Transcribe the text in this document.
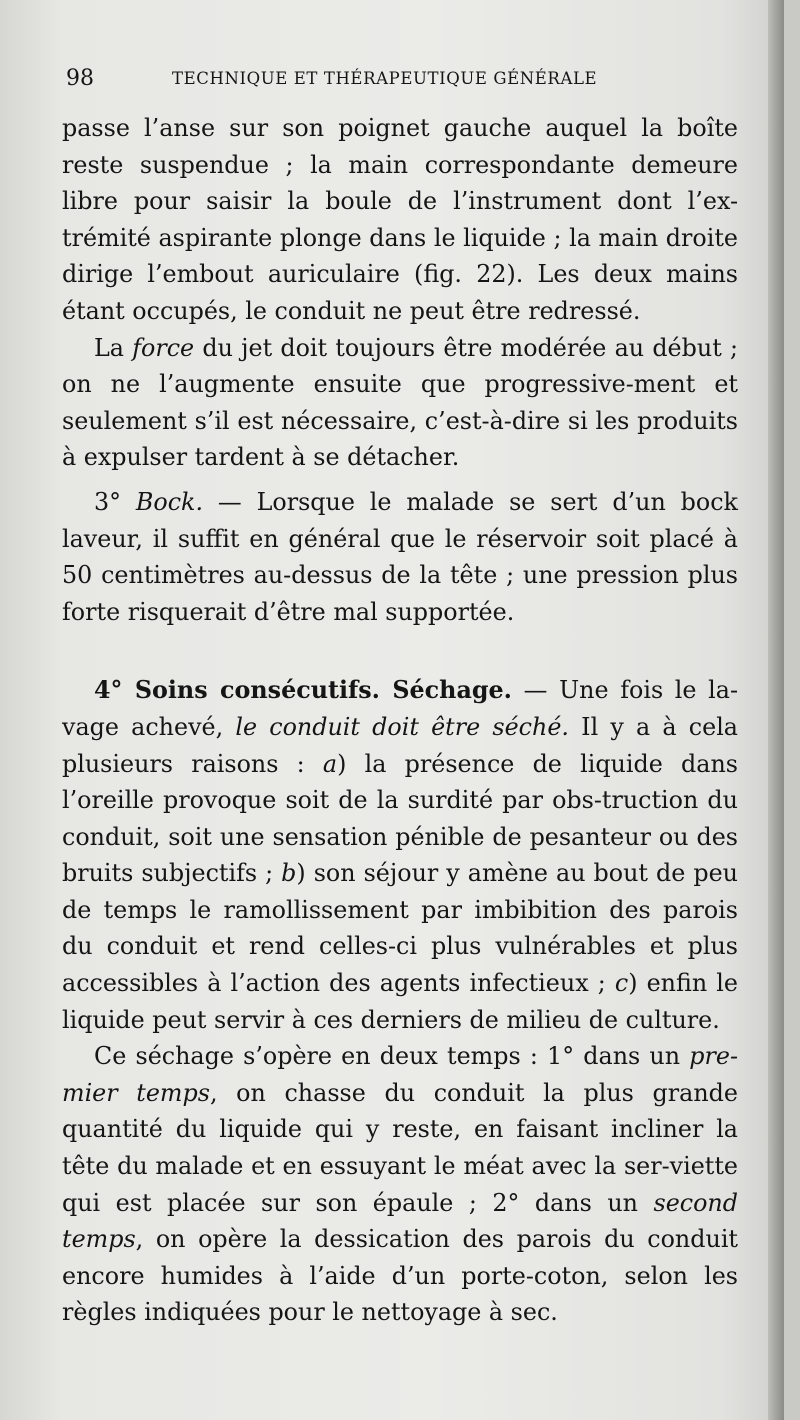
98	TECHNIQUE ET THÉRAPEUTIQUE GÉNÉRALE

passe l’anse sur son poignet gauche auquel la boîte reste suspendue ; la main correspondante demeure libre pour saisir la boule de l’instrument dont l’ex-trémité aspirante plonge dans le liquide ; la main droite dirige l’embout auriculaire (fig. 22). Les deux mains étant occupés, le conduit ne peut être redressé.

La force du jet doit toujours être modérée au début ; on ne l’augmente ensuite que progressive-ment et seulement s’il est nécessaire, c’est-à-dire si les produits à expulser tardent à se détacher.

3° Bock. — Lorsque le malade se sert d’un bock laveur, il suffit en général que le réservoir soit placé à 50 centimètres au-dessus de la tête ; une pression plus forte risquerait d’être mal supportée.

4° Soins consécutifs. Séchage. — Une fois le la-vage achevé, le conduit doit être séché. Il y a à cela plusieurs raisons : a) la présence de liquide dans l’oreille provoque soit de la surdité par obs-truction du conduit, soit une sensation pénible de pesanteur ou des bruits subjectifs ; b) son séjour y amène au bout de peu de temps le ramollissement par imbibition des parois du conduit et rend celles-ci plus vulnérables et plus accessibles à l’action des agents infectieux ; c) enfin le liquide peut servir à ces derniers de milieu de culture.

Ce séchage s’opère en deux temps : 1° dans un pre-mier temps, on chasse du conduit la plus grande quantité du liquide qui y reste, en faisant incliner la tête du malade et en essuyant le méat avec la ser-viette qui est placée sur son épaule ; 2° dans un second temps, on opère la dessication des parois du conduit encore humides à l’aide d’un porte-coton, selon les règles indiquées pour le nettoyage à sec.
